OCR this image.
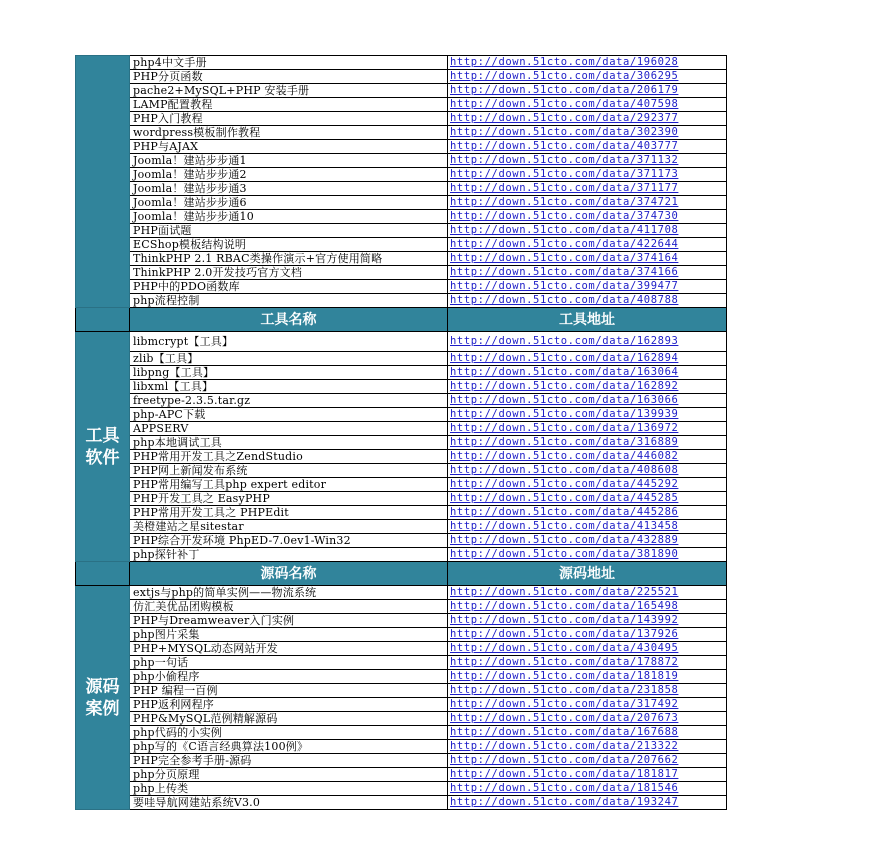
	php4中文手册	http://down.51cto.com/data/196028
	PHP分页函数	http://down.51cto.com/data/306295
	pache2+MySQL+PHP 安装手册	http://down.51cto.com/data/206179
	LAMP配置教程	http://down.51cto.com/data/407598
	PHP入门教程	http://down.51cto.com/data/292377
	wordpress模板制作教程	http://down.51cto.com/data/302390
	PHP与AJAX	http://down.51cto.com/data/403777
	Joomla！建站步步通1	http://down.51cto.com/data/371132
	Joomla！建站步步通2	http://down.51cto.com/data/371173
	Joomla！建站步步通3	http://down.51cto.com/data/371177
	Joomla！建站步步通6	http://down.51cto.com/data/374721
	Joomla！建站步步通10	http://down.51cto.com/data/374730
	PHP面试题	http://down.51cto.com/data/411708
	ECShop模板结构说明	http://down.51cto.com/data/422644
	ThinkPHP 2.1 RBAC类操作演示+官方使用简略	http://down.51cto.com/data/374164
	ThinkPHP 2.0开发技巧官方文档	http://down.51cto.com/data/374166
	PHP中的PDO函数库	http://down.51cto.com/data/399477
	php流程控制	http://down.51cto.com/data/408788
	工具名称	工具地址
工具软件	libmcrypt【工具】	http://down.51cto.com/data/162893
	zlib【工具】	http://down.51cto.com/data/162894
	libpng【工具】	http://down.51cto.com/data/163064
	libxml【工具】	http://down.51cto.com/data/162892
	freetype-2.3.5.tar.gz	http://down.51cto.com/data/163066
	php-APC下载	http://down.51cto.com/data/139939
	APPSERV	http://down.51cto.com/data/136972
	php本地调试工具	http://down.51cto.com/data/316889
	PHP常用开发工具之ZendStudio	http://down.51cto.com/data/446082
	PHP网上新闻发布系统	http://down.51cto.com/data/408608
	PHP常用编写工具php expert editor	http://down.51cto.com/data/445292
	PHP开发工具之 EasyPHP	http://down.51cto.com/data/445285
	PHP常用开发工具之 PHPEdit	http://down.51cto.com/data/445286
	美橙建站之星sitestar	http://down.51cto.com/data/413458
	PHP综合开发环境 PhpED-7.0ev1-Win32	http://down.51cto.com/data/432889
	php探针补丁	http://down.51cto.com/data/381890
	源码名称	源码地址
源码案例	extjs与php的简单实例——物流系统	http://down.51cto.com/data/225521
	仿汇美优品团购模板	http://down.51cto.com/data/165498
	PHP与Dreamweaver入门实例	http://down.51cto.com/data/143992
	php图片采集	http://down.51cto.com/data/137926
	PHP+MYSQL动态网站开发	http://down.51cto.com/data/430495
	php一句话	http://down.51cto.com/data/178872
	php小偷程序	http://down.51cto.com/data/181819
	PHP 编程一百例	http://down.51cto.com/data/231858
	PHP返利网程序	http://down.51cto.com/data/317492
	PHP&MySQL范例精解源码	http://down.51cto.com/data/207673
	php代码的小实例	http://down.51cto.com/data/167688
	php写的《C语言经典算法100例》	http://down.51cto.com/data/213322
	PHP完全参考手册-源码	http://down.51cto.com/data/207662
	php分页原理	http://down.51cto.com/data/181817
	php上传类	http://down.51cto.com/data/181546
	要哇导航网建站系统V3.0	http://down.51cto.com/data/193247
